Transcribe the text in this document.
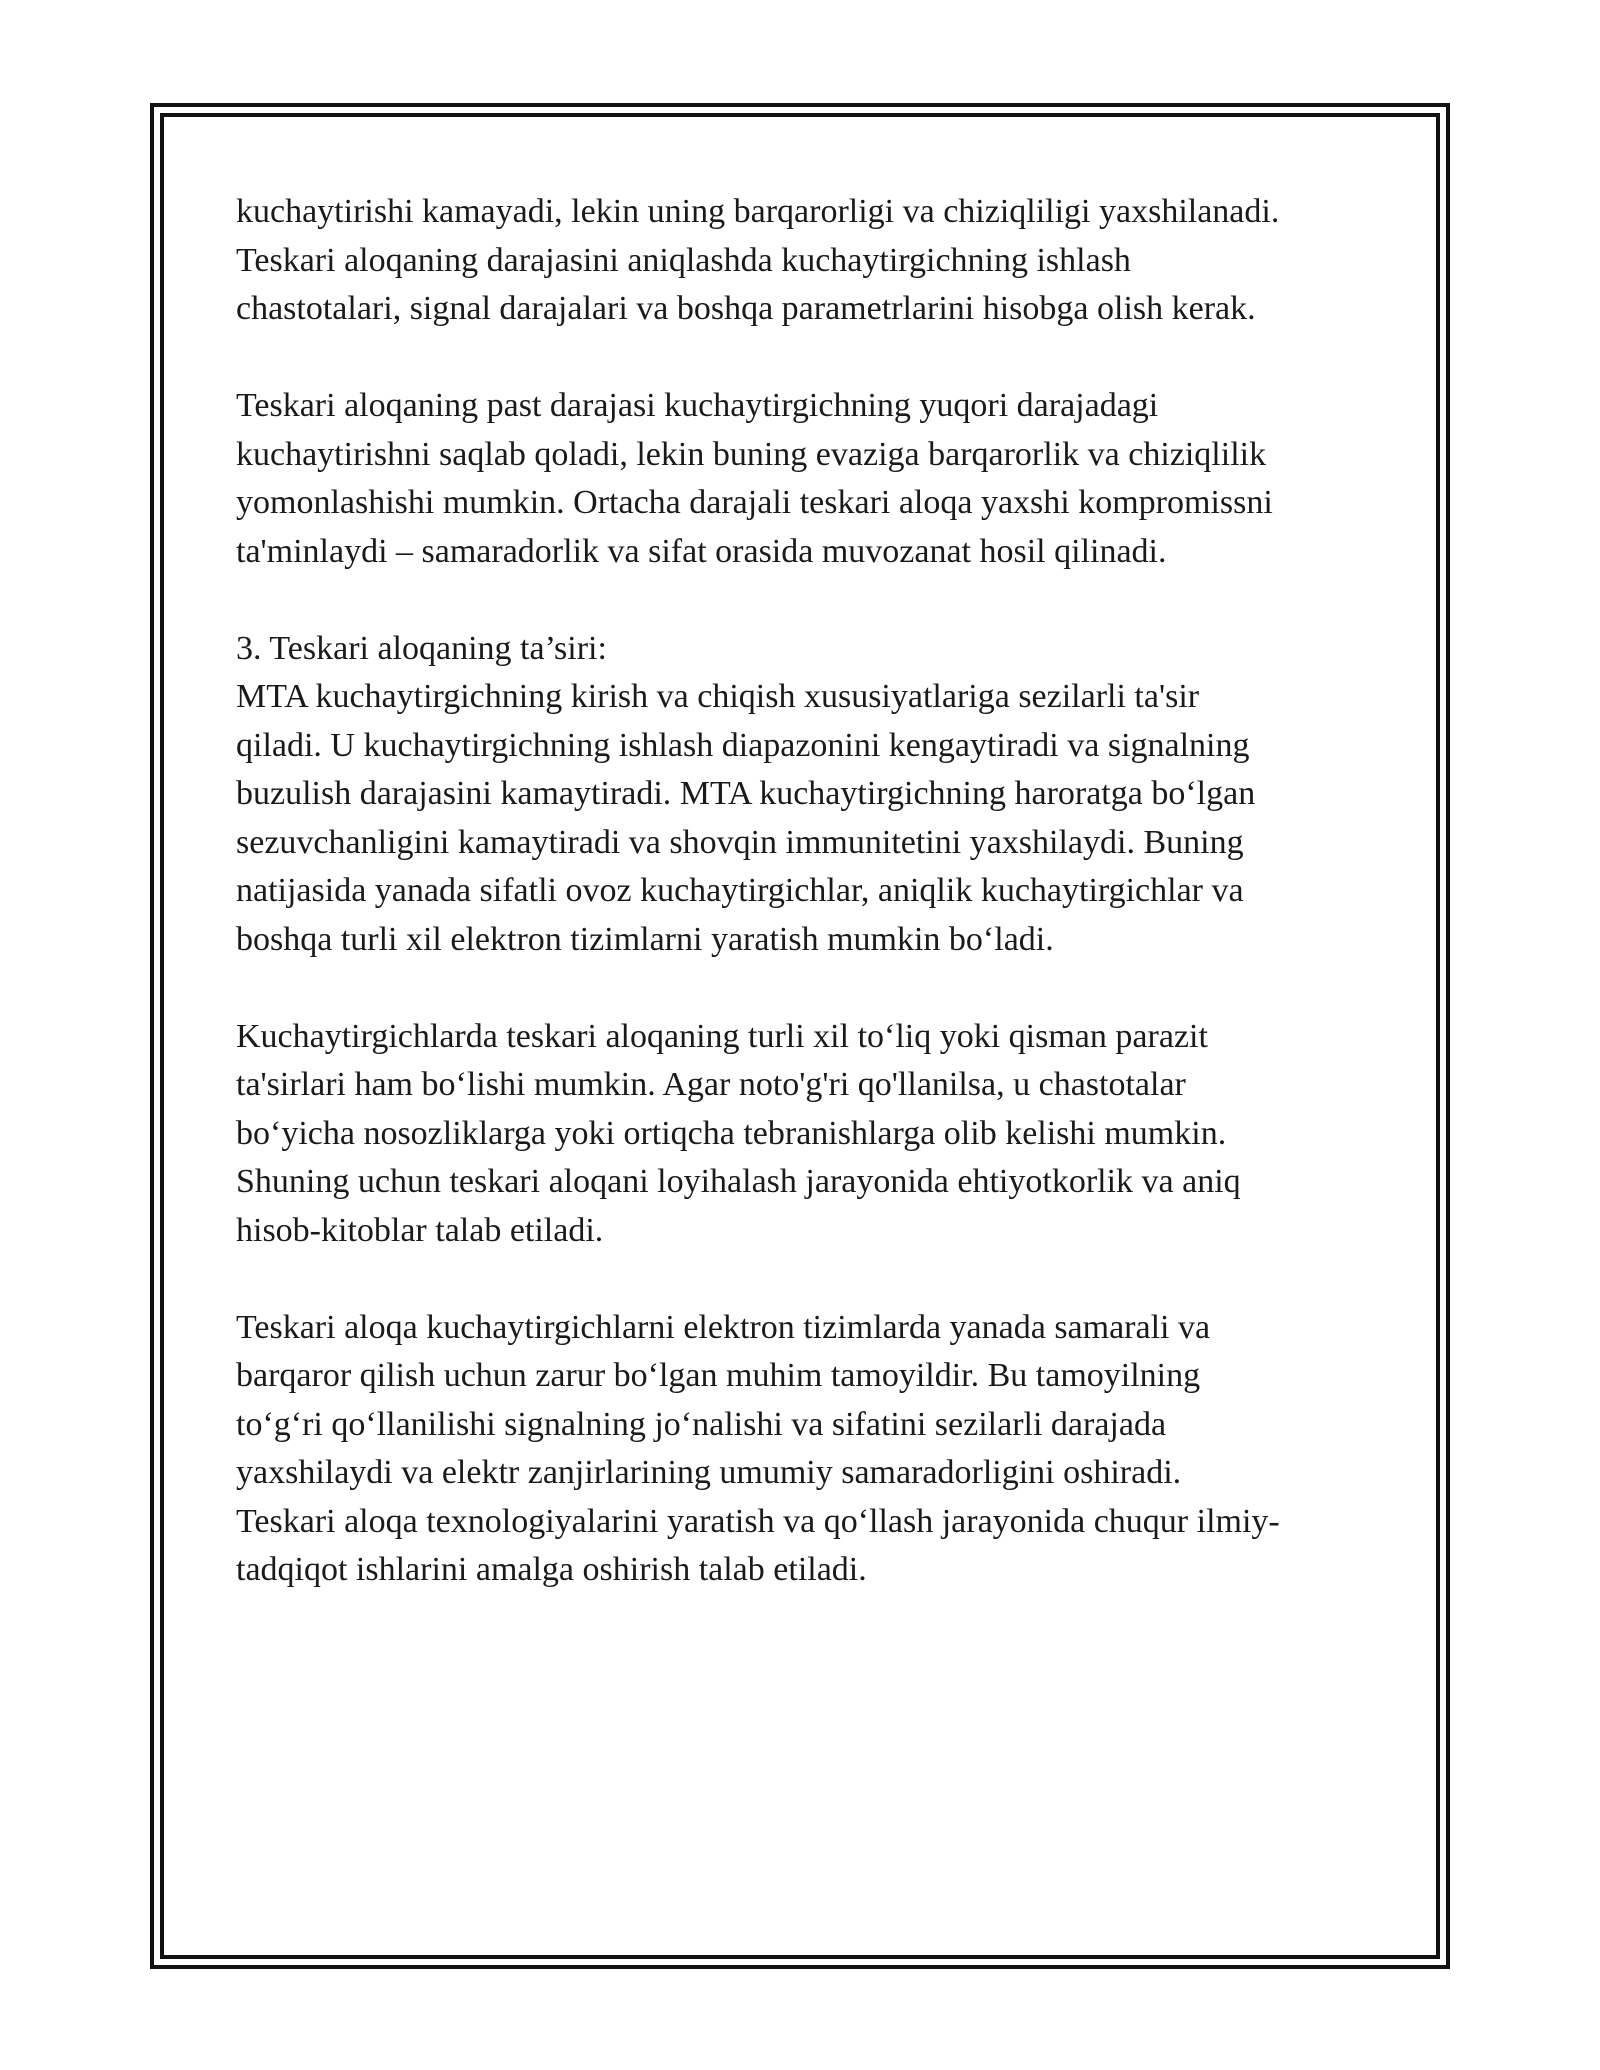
kuchaytirishi kamayadi, lekin uning barqarorligi va chiziqliligi yaxshilanadi.
Teskari aloqaning darajasini aniqlashda kuchaytirgichning ishlash
chastotalari, signal darajalari va boshqa parametrlarini hisobga olish kerak.

Teskari aloqaning past darajasi kuchaytirgichning yuqori darajadagi
kuchaytirishni saqlab qoladi, lekin buning evaziga barqarorlik va chiziqlilik
yomonlashishi mumkin. Ortacha darajali teskari aloqa yaxshi kompromissni
ta'minlaydi – samaradorlik va sifat orasida muvozanat hosil qilinadi.

3. Teskari aloqaning ta’siri:
MTA kuchaytirgichning kirish va chiqish xususiyatlariga sezilarli ta'sir
qiladi. U kuchaytirgichning ishlash diapazonini kengaytiradi va signalning
buzulish darajasini kamaytiradi. MTA kuchaytirgichning haroratga boʻlgan
sezuvchanligini kamaytiradi va shovqin immunitetini yaxshilaydi. Buning
natijasida yanada sifatli ovoz kuchaytirgichlar, aniqlik kuchaytirgichlar va
boshqa turli xil elektron tizimlarni yaratish mumkin boʻladi.

Kuchaytirgichlarda teskari aloqaning turli xil toʻliq yoki qisman parazit
ta'sirlari ham boʻlishi mumkin. Agar noto'g'ri qo'llanilsa, u chastotalar
boʻyicha nosozliklarga yoki ortiqcha tebranishlarga olib kelishi mumkin.
Shuning uchun teskari aloqani loyihalash jarayonida ehtiyotkorlik va aniq
hisob-kitoblar talab etiladi.

Teskari aloqa kuchaytirgichlarni elektron tizimlarda yanada samarali va
barqaror qilish uchun zarur boʻlgan muhim tamoyildir. Bu tamoyilning
toʻgʻri qoʻllanilishi signalning joʻnalishi va sifatini sezilarli darajada
yaxshilaydi va elektr zanjirlarining umumiy samaradorligini oshiradi.
Teskari aloqa texnologiyalarini yaratish va qoʻllash jarayonida chuqur ilmiy-
tadqiqot ishlarini amalga oshirish talab etiladi.
